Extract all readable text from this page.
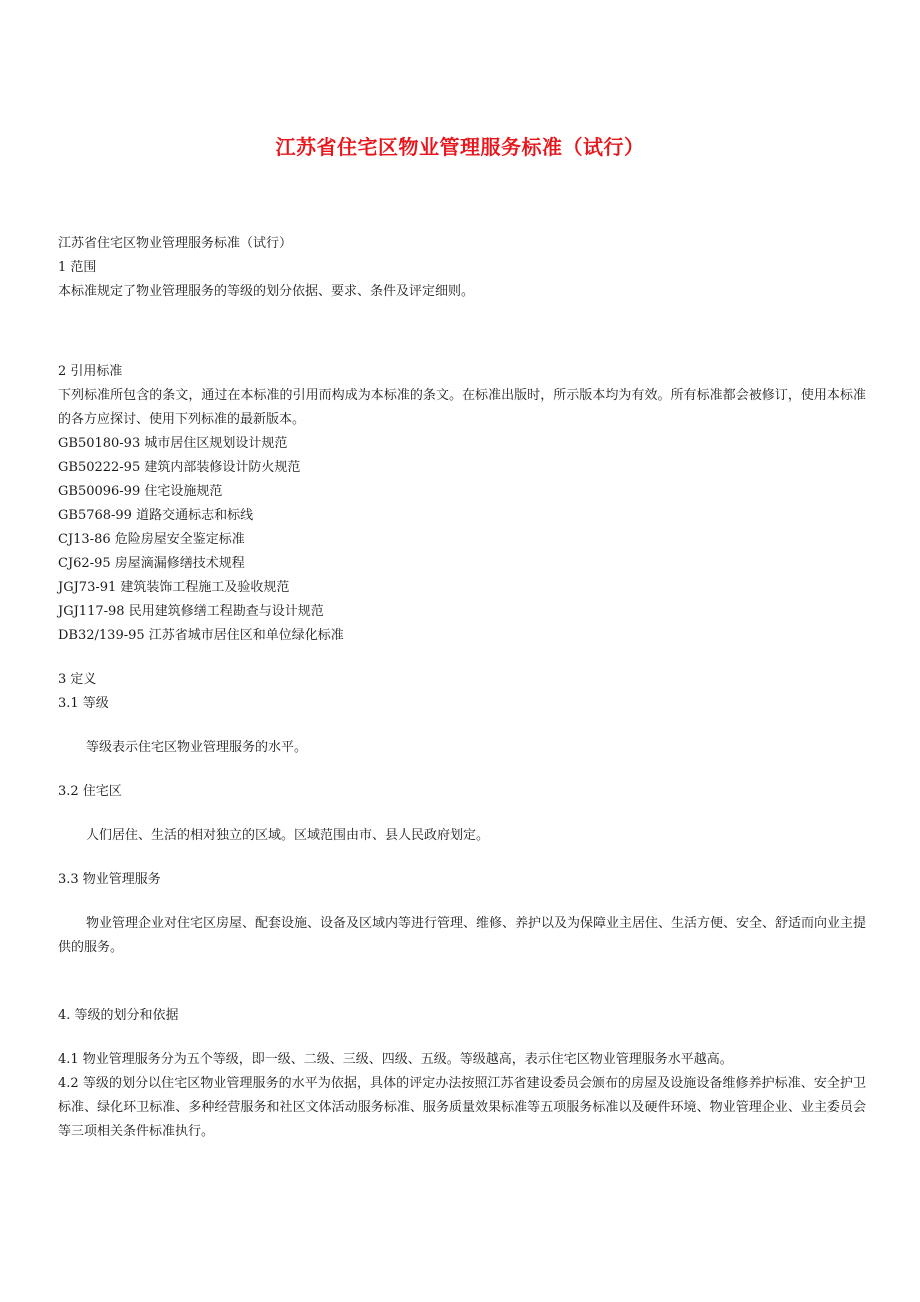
江苏省住宅区物业管理服务标准（试行）
江苏省住宅区物业管理服务标准（试行）
1 范围
本标准规定了物业管理服务的等级的划分依据、要求、条件及评定细则。
2 引用标准
下列标准所包含的条文，通过在本标准的引用而构成为本标准的条文。在标准出版时，所示版本均为有效。所有标准都会被修订，使用本标准的各方应探讨、使用下列标准的最新版本。
GB50180-93 城市居住区规划设计规范
GB50222-95 建筑内部装修设计防火规范
GB50096-99 住宅设施规范
GB5768-99 道路交通标志和标线
CJ13-86 危险房屋安全鉴定标准
CJ62-95 房屋滴漏修缮技术规程
JGJ73-91 建筑装饰工程施工及验收规范
JGJ117-98 民用建筑修缮工程勘查与设计规范
DB32/139-95 江苏省城市居住区和单位绿化标准
3 定义
3.1 等级
等级表示住宅区物业管理服务的水平。
3.2 住宅区
人们居住、生活的相对独立的区域。区域范围由市、县人民政府划定。
3.3 物业管理服务
物业管理企业对住宅区房屋、配套设施、设备及区域内等进行管理、维修、养护以及为保障业主居住、生活方便、安全、舒适而向业主提供的服务。
4. 等级的划分和依据
4.1 物业管理服务分为五个等级，即一级、二级、三级、四级、五级。等级越高，表示住宅区物业管理服务水平越高。
4.2 等级的划分以住宅区物业管理服务的水平为依据，具体的评定办法按照江苏省建设委员会颁布的房屋及设施设备维修养护标准、安全护卫标准、绿化环卫标准、多种经营服务和社区文体活动服务标准、服务质量效果标准等五项服务标准以及硬件环境、物业管理企业、业主委员会等三项相关条件标准执行。
